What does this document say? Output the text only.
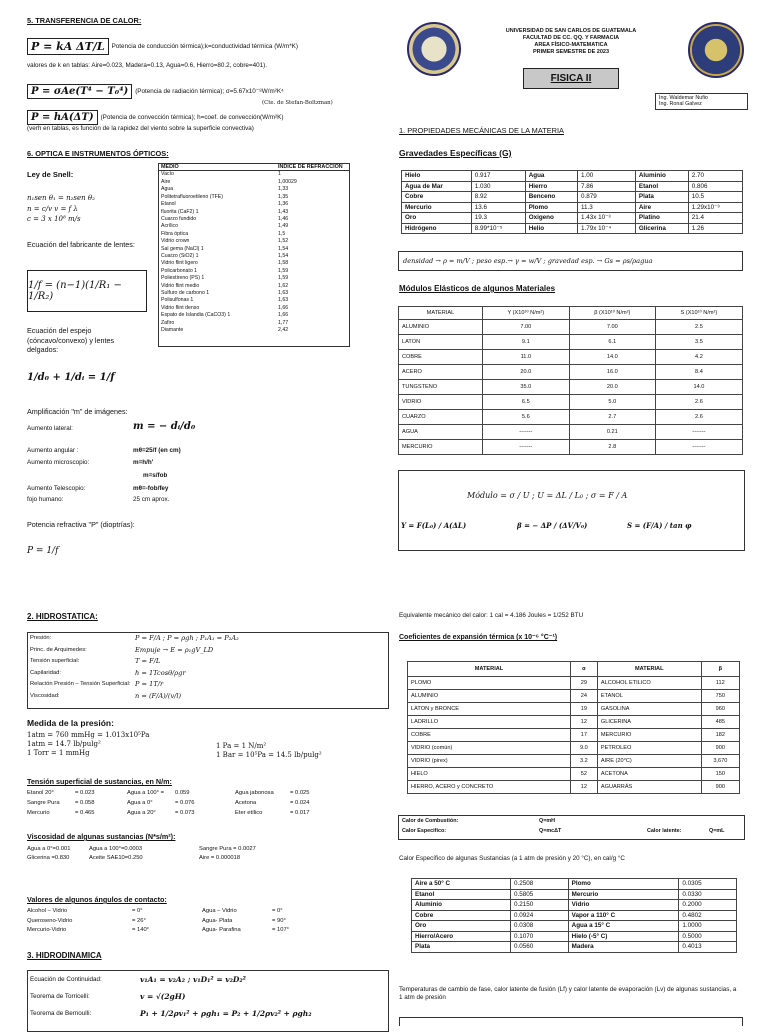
5. TRANSFERENCIA DE CALOR:
P = kA ΔT/L	Potencia de conducción térmica);k=conductividad térmica (W/m*K)
valores de k en tablas: Aire=0.023, Madera=0.13, Agua=0.6, Hierro=80.2, cobre=401).
P = σAe(T⁴ − T₀⁴)	(Potencia de radiación térmica); σ=5.67x10⁻⁸W/m²K⁴
(Cte. de Stefan-Boltzman)
P = hA(ΔT)	(Potencia de convección térmica); h=coef. de convección(W/m²K)
(verh en tablas, es función de la rapidez del viento sobre la superficie convectiva)
6. OPTICA E INSTRUMENTOS ÓPTICOS:
Ley de Snell:
n₁sen θ₁ = n₂sen θ₂
n = c/v v = f λ
c = 3 x 10⁸ m/s
Ecuación del fabricante de lentes:
1/f = (n−1)(1/R₁ − 1/R₂)
Ecuación del espejo (cóncavo/convexo) y lentes delgados:
1/d₀ + 1/dᵢ = 1/f
Amplificación "m" de imágenes:
Aumento lateral:	m = − dᵢ/d₀
Aumento angular :	mθ=25/f (en cm)
Aumento microscopio:	m=h/h'
m=s/fob
Aumento Telescopio:	mθ=-fob/fey
fojo humano:	25 cm aprox.
Potencia refractiva "P" (dioptrías):
P = 1/f
MEDIO	INDICE DE REFRACCION
Vacío	1
Aire	1,00029
Agua	1,33
Politetrafluoroetileno (TFE)	1,35
Etanol	1,36
fluorita (CaF2) 1	1,43
Cuarzo fundido	1,46
Acrílico	1,49
Fibra óptica	1,5
Vidrio crown	1,52
Sal gema (NaCl) 1	1,54
Cuarzo (SiO2) 1	1,54
Vidrio flint ligero	1,58
Policarbonato 1	1,59
Poliestireno (PS) 1	1,59
Vidrio flint medio	1,62
Sulfuro de carbono 1	1,63
Polisulfonas 1	1,63
Vidrio flint denso	1,66
Espato de Islandia (CaCO3) 1	1,66
Zafiro	1,77
Diamante	2,42
2. HIDROSTATICA:
Presión:	P = F/A ; P = ρgh ; P₁A₁ = P₂A₂
Princ. de Arquimedes:	Empuje → E = ρ₁gV_LD
Tensión superficial:	T = F/L
Capilaridad:	h = 1Tcosθ/ρgr
Relación Presión – Tensión Superficial: P = 1T/r
Viscosidad:	n = (F/A)/(v/l)
Medida de la presión:
1atm = 760 mmHg = 1.013x10⁵Pa
1atm = 14.7 lb/pulg²
1 Torr = 1 mmHg
1 Pa = 1 N/m²
1 Bar = 10⁵Pa = 14.5 lb/pulg²
Tensión superficial de sustancias, en N/m:
Etanol 20°	= 0.023	Agua a 100° =	0.059	Agua jabonosa	= 0.025
Sangre Pura	= 0.058	Agua a 0°	= 0.076	Acetona	= 0.024
Mercurio	= 0.465	Agua a 20°	= 0.073	Eter etílico	= 0.017
Viscosidad de algunas sustancias (N*s/m²):
Agua a 0°=0.001	Agua a 100°=0.0003	Sangre Pura = 0.0027
Glicerina =0.830	Aceite SAE10=0.250	Aire = 0.000018
Valores de algunos ángulos de contacto:
Alcohol – Vidrio	= 0°	Agua – Vidrio	= 0°
Queroseno-Vidrio	= 26°	Agua- Plata	= 90°
Mercurio-Vidrio	= 140°	Agua- Parafina	= 107°
3. HIDRODINAMICA
Ecuación de Continuidad:	v₁A₁ = v₂A₂ ; v₁D₁² = v₂D₂²
Teorema de Torricelli:	v = √(2gH)
Teorema de Bernoulli:	P₁ + 1/2ρv₁² + ρgh₁ = P₂ + 1/2ρv₂² + ρgh₂
UNIVERSIDAD DE SAN CARLOS DE GUATEMALA
FACULTAD DE CC. QQ. Y FARMACIA
AREA FÍSICO-MATEMATICA
PRIMER SEMESTRE DE 2023
FISICA II
Ing. Waldemar Nufio
Ing. Ronal Galvez
1. PROPIEDADES MECÁNICAS DE LA MATERIA
Gravedades Específicas (G)
Hielo	0.917	Agua	1.00	Aluminio	2.70
Agua de Mar	1.030	Hierro	7.86	Etanol	0.806
Cobre	8.92	Benceno	0.879	Plata	10.5
Mercurio	13.6	Plomo	11.3	Aire	1.29x10⁻³
Oro	19.3	Oxigeno	1.43x 10⁻³	Platino	21.4
Hidrógeno	8.99*10⁻⁵	Helio	1.79x 10⁻⁴	Glicerina	1.26
densidad → ρ = m/V ; peso esp.→ γ = w/V ; gravedad esp. → Gs = ρs/ρagua
Módulos Elásticos de algunos Materiales
MATERIAL	Y (X10¹⁰ N/m²)	β (X10¹⁰ N/m²)	S (X10¹⁰ N/m²)
ALUMINIO	7.00	7.00	2.5
LATON	9.1	6.1	3.5
COBRE	11.0	14.0	4.2
ACERO	20.0	16.0	8.4
TUNGSTENO	35.0	20.0	14.0
VIDRIO	6.5	5.0	2.6
CUARZO	5.6	2.7	2.6
AGUA	-------	0.21	-------
MERCURIO	-------	2.8	-------
Módulo = σ / U ; U = ΔL / L₀ ; σ = F / A
Y = F(L₀) / A(ΔL)	β = − ΔP / (ΔV/V₀)	S = (F/A) / tan φ
Equivalente mecánico del calor: 1 cal = 4.186 Joules = 1/252 BTU
Coeficientes de expansión térmica (x 10⁻⁶ °C⁻¹)
MATERIAL	α	MATERIAL	β
PLOMO	29	ALCOHOL ETILICO	112
ALUMINIO	24	ETANOL	750
LATON y BRONCE	19	GASOLINA	960
LADRILLO	12	GLICERINA	485
COBRE	17	MERCURIO	182
VIDRIO (común)	9.0	PETROLEO	900
VIDRIO (pirex)	3.2	AIRE (20°C)	3,670
HIELO	52	ACETONA	150
HIERRO, ACERO y CONCRETO	12	AGUARRÁS	900
Calor de Combustión:	Q=mH
Calor Especifico:	Q=mcΔT	Calor latente:	Q=mL
Calor Específico de algunas Sustancias (a 1 atm de presión y 20 °C), en cal/g °C
Aire a 50° C	0.2508	Plomo	0.0305
Etanol	0.5805	Mercurio	0.0330
Aluminio	0.2150	Vidrio	0.2000
Cobre	0.0924	Vapor a 110° C	0.4802
Oro	0.0308	Agua a 15° C	1.0000
Hierro/Acero	0.1070	Hielo (-5° C)	0.5000
Plata	0.0560	Madera	0.4013
Temperaturas de cambio de fase, calor latente de fusión (Lf) y calor latente de evaporación (Lv) de algunas sustancias, a 1 atm de presión
